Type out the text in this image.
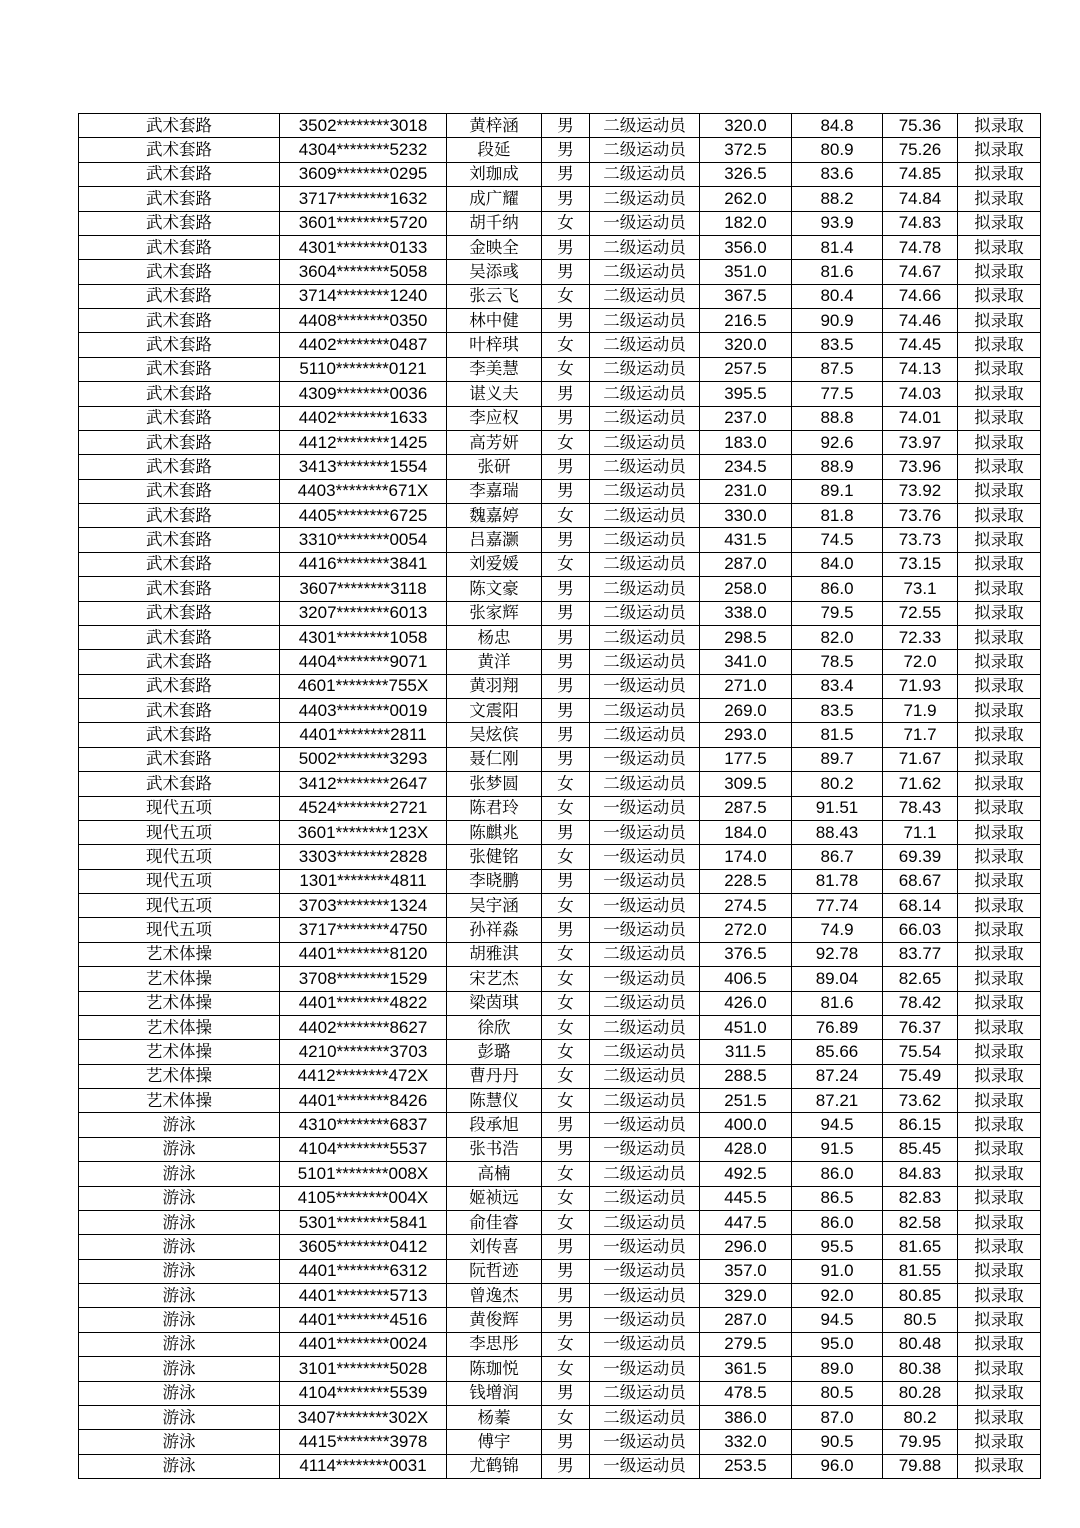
武术套路	3502********3018	黄梓涵	男	二级运动员	320.0	84.8	75.36	拟录取
武术套路	4304********5232	段延	男	二级运动员	372.5	80.9	75.26	拟录取
武术套路	3609********0295	刘珈成	男	二级运动员	326.5	83.6	74.85	拟录取
武术套路	3717********1632	成广耀	男	二级运动员	262.0	88.2	74.84	拟录取
武术套路	3601********5720	胡千纳	女	一级运动员	182.0	93.9	74.83	拟录取
武术套路	4301********0133	金映全	男	二级运动员	356.0	81.4	74.78	拟录取
武术套路	3604********5058	吴添彧	男	二级运动员	351.0	81.6	74.67	拟录取
武术套路	3714********1240	张云飞	女	二级运动员	367.5	80.4	74.66	拟录取
武术套路	4408********0350	林中健	男	二级运动员	216.5	90.9	74.46	拟录取
武术套路	4402********0487	叶梓琪	女	二级运动员	320.0	83.5	74.45	拟录取
武术套路	5110********0121	李美慧	女	二级运动员	257.5	87.5	74.13	拟录取
武术套路	4309********0036	谌义夫	男	二级运动员	395.5	77.5	74.03	拟录取
武术套路	4402********1633	李应权	男	二级运动员	237.0	88.8	74.01	拟录取
武术套路	4412********1425	高芳妍	女	二级运动员	183.0	92.6	73.97	拟录取
武术套路	3413********1554	张研	男	二级运动员	234.5	88.9	73.96	拟录取
武术套路	4403********671X	李嘉瑞	男	二级运动员	231.0	89.1	73.92	拟录取
武术套路	4405********6725	魏嘉婷	女	二级运动员	330.0	81.8	73.76	拟录取
武术套路	3310********0054	吕嘉灏	男	二级运动员	431.5	74.5	73.73	拟录取
武术套路	4416********3841	刘爱媛	女	二级运动员	287.0	84.0	73.15	拟录取
武术套路	3607********3118	陈文豪	男	二级运动员	258.0	86.0	73.1	拟录取
武术套路	3207********6013	张家辉	男	二级运动员	338.0	79.5	72.55	拟录取
武术套路	4301********1058	杨忠	男	二级运动员	298.5	82.0	72.33	拟录取
武术套路	4404********9071	黄洋	男	二级运动员	341.0	78.5	72.0	拟录取
武术套路	4601********755X	黄羽翔	男	一级运动员	271.0	83.4	71.93	拟录取
武术套路	4403********0019	文震阳	男	二级运动员	269.0	83.5	71.9	拟录取
武术套路	4401********2811	吴炫傧	男	二级运动员	293.0	81.5	71.7	拟录取
武术套路	5002********3293	聂仁刚	男	一级运动员	177.5	89.7	71.67	拟录取
武术套路	3412********2647	张梦圆	女	二级运动员	309.5	80.2	71.62	拟录取
现代五项	4524********2721	陈君玲	女	一级运动员	287.5	91.51	78.43	拟录取
现代五项	3601********123X	陈麒兆	男	一级运动员	184.0	88.43	71.1	拟录取
现代五项	3303********2828	张健铭	女	一级运动员	174.0	86.7	69.39	拟录取
现代五项	1301********4811	李晓鹏	男	一级运动员	228.5	81.78	68.67	拟录取
现代五项	3703********1324	吴宇涵	女	一级运动员	274.5	77.74	68.14	拟录取
现代五项	3717********4750	孙祥淼	男	一级运动员	272.0	74.9	66.03	拟录取
艺术体操	4401********8120	胡雅淇	女	二级运动员	376.5	92.78	83.77	拟录取
艺术体操	3708********1529	宋艺杰	女	一级运动员	406.5	89.04	82.65	拟录取
艺术体操	4401********4822	梁茵琪	女	二级运动员	426.0	81.6	78.42	拟录取
艺术体操	4402********8627	徐欣	女	二级运动员	451.0	76.89	76.37	拟录取
艺术体操	4210********3703	彭璐	女	二级运动员	311.5	85.66	75.54	拟录取
艺术体操	4412********472X	曹丹丹	女	二级运动员	288.5	87.24	75.49	拟录取
艺术体操	4401********8426	陈慧仪	女	二级运动员	251.5	87.21	73.62	拟录取
游泳	4310********6837	段承旭	男	一级运动员	400.0	94.5	86.15	拟录取
游泳	4104********5537	张书浩	男	一级运动员	428.0	91.5	85.45	拟录取
游泳	5101********008X	高楠	女	二级运动员	492.5	86.0	84.83	拟录取
游泳	4105********004X	姬祯远	女	二级运动员	445.5	86.5	82.83	拟录取
游泳	5301********5841	俞佳睿	女	二级运动员	447.5	86.0	82.58	拟录取
游泳	3605********0412	刘传喜	男	一级运动员	296.0	95.5	81.65	拟录取
游泳	4401********6312	阮哲迹	男	一级运动员	357.0	91.0	81.55	拟录取
游泳	4401********5713	曾逸杰	男	一级运动员	329.0	92.0	80.85	拟录取
游泳	4401********4516	黄俊辉	男	一级运动员	287.0	94.5	80.5	拟录取
游泳	4401********0024	李思彤	女	一级运动员	279.5	95.0	80.48	拟录取
游泳	3101********5028	陈珈悦	女	一级运动员	361.5	89.0	80.38	拟录取
游泳	4104********5539	钱增润	男	二级运动员	478.5	80.5	80.28	拟录取
游泳	3407********302X	杨蓁	女	二级运动员	386.0	87.0	80.2	拟录取
游泳	4415********3978	傅宇	男	一级运动员	332.0	90.5	79.95	拟录取
游泳	4114********0031	尤鹤锦	男	一级运动员	253.5	96.0	79.88	拟录取
